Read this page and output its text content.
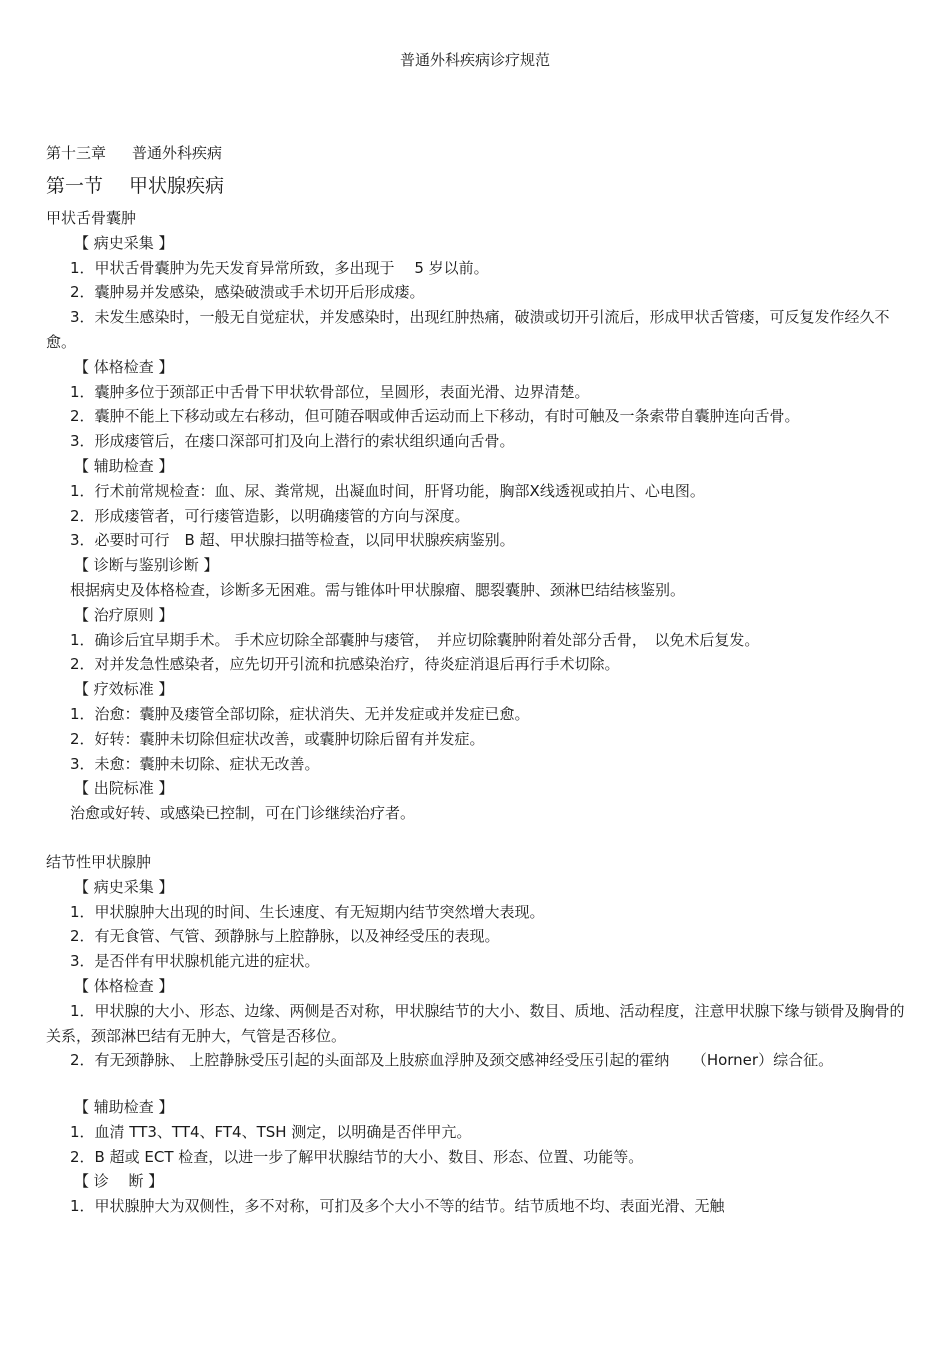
普通外科疾病诊疗规范
第十三章 普通外科疾病
第一节 甲状腺疾病
甲状舌骨囊肿
【 病史采集 】
1．甲状舌骨囊肿为先天发育异常所致，多出现于　 5 岁以前。
2．囊肿易并发感染，感染破溃或手术切开后形成瘘。
3．未发生感染时，一般无自觉症状，并发感染时，出现红肿热痛，破溃或切开引流后，形成甲状舌管瘘，可反复发作经久不愈。
【 体格检查 】
1．囊肿多位于颈部正中舌骨下甲状软骨部位，呈圆形，表面光滑、边界清楚。
2．囊肿不能上下移动或左右移动，但可随吞咽或伸舌运动而上下移动，有时可触及一条索带自囊肿连向舌骨。
3．形成瘘管后，在瘘口深部可扪及向上潜行的索状组织通向舌骨。
【 辅助检查 】
1．行术前常规检查：血、尿、粪常规，出凝血时间，肝肾功能，胸部X线透视或拍片、心电图。
2．形成瘘管者，可行瘘管造影，以明确瘘管的方向与深度。
3．必要时可行　B 超、甲状腺扫描等检查，以同甲状腺疾病鉴别。
【 诊断与鉴别诊断 】
根据病史及体格检查，诊断多无困难。需与锥体叶甲状腺瘤、腮裂囊肿、颈淋巴结结核鉴别。
【 治疗原则 】
1．确诊后宜早期手术。 手术应切除全部囊肿与瘘管，　并应切除囊肿附着处部分舌骨，　以免术后复发。
2．对并发急性感染者，应先切开引流和抗感染治疗，待炎症消退后再行手术切除。
【 疗效标准 】
1．治愈：囊肿及瘘管全部切除，症状消失、无并发症或并发症已愈。
2．好转：囊肿未切除但症状改善，或囊肿切除后留有并发症。
3．未愈：囊肿未切除、症状无改善。
【 出院标准 】
治愈或好转、或感染已控制，可在门诊继续治疗者。
结节性甲状腺肿
【 病史采集 】
1．甲状腺肿大出现的时间、生长速度、有无短期内结节突然增大表现。
2．有无食管、气管、颈静脉与上腔静脉，以及神经受压的表现。
3．是否伴有甲状腺机能亢进的症状。
【 体格检查 】
1．甲状腺的大小、形态、边缘、两侧是否对称，甲状腺结节的大小、数目、质地、活动程度，注意甲状腺下缘与锁骨及胸骨的关系，颈部淋巴结有无肿大，气管是否移位。
2．有无颈静脉、 上腔静脉受压引起的头面部及上肢瘀血浮肿及颈交感神经受压引起的霍纳　　（Horner）综合征。
【 辅助检查 】
1．血清 TT3、TT4、FT4、TSH 测定，以明确是否伴甲亢。
2．B 超或 ECT 检查，以进一步了解甲状腺结节的大小、数目、形态、位置、功能等。
【 诊　 断 】
1．甲状腺肿大为双侧性，多不对称，可扪及多个大小不等的结节。结节质地不均、表面光滑、无触
